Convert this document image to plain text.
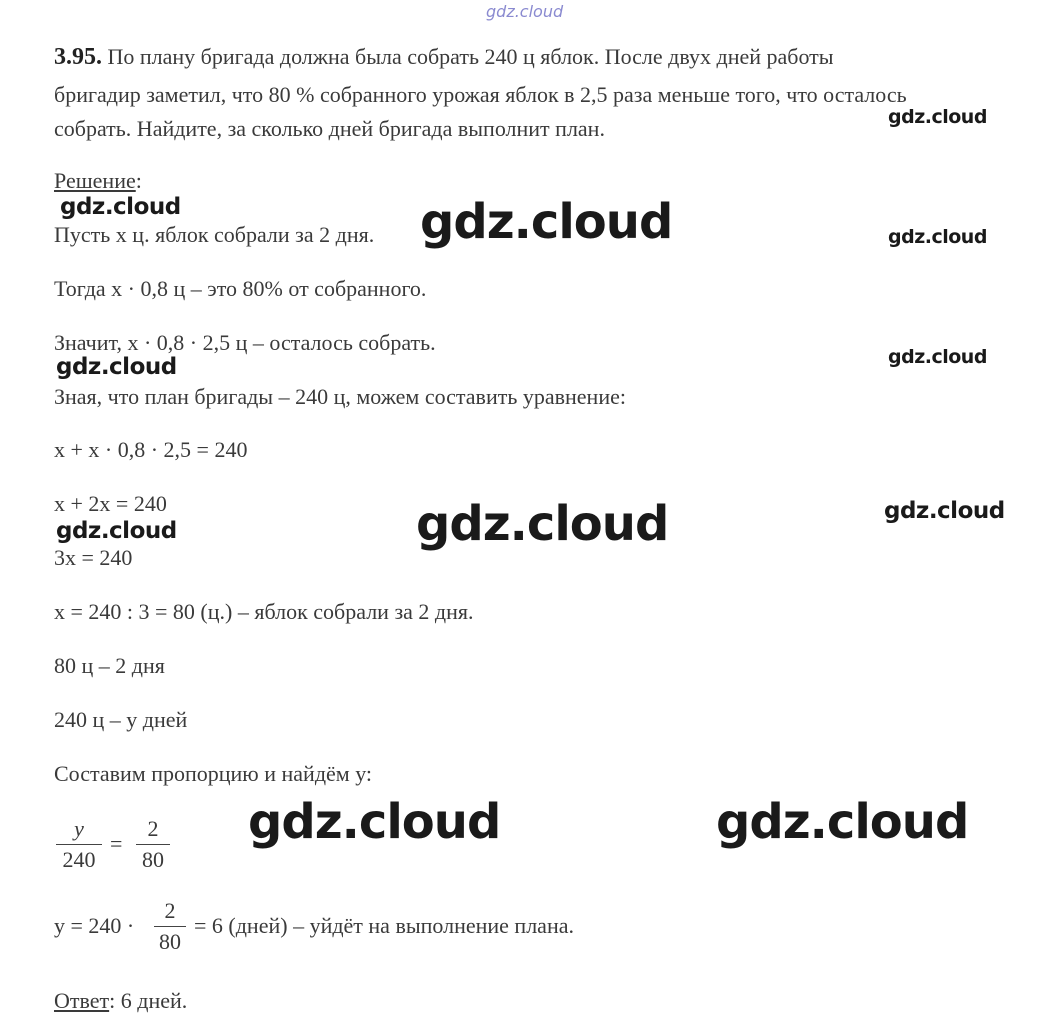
gdz.cloud
3.95. По плану бригада должна была собрать 240 ц яблок. После двух дней работы
бригадир заметил, что 80 % собранного урожая яблок в 2,5 раза меньше того, что осталось
собрать. Найдите, за сколько дней бригада выполнит план.
Решение:
Пусть х ц. яблок собрали за 2 дня.
Тогда х · 0,8 ц – это 80% от собранного.
Значит, х · 0,8 · 2,5 ц – осталось собрать.
Зная, что план бригады – 240 ц, можем составить уравнение:
х + х · 0,8 · 2,5 = 240
х + 2х = 240
3х = 240
х = 240 : 3 = 80 (ц.) – яблок собрали за 2 дня.
80 ц – 2 дня
240 ц – у дней
Составим пропорцию и найдём у:
y
240
=
2
80
у = 240 ·
2
80
= 6 (дней) – уйдёт на выполнение плана.
Ответ: 6 дней.
gdz.cloud
gdz.cloud	gdz.cloud	gdz.cloud
gdz.cloud	gdz.cloud
gdz.cloud	gdz.cloud
gdz.cloud
gdz.cloud	gdz.cloud
